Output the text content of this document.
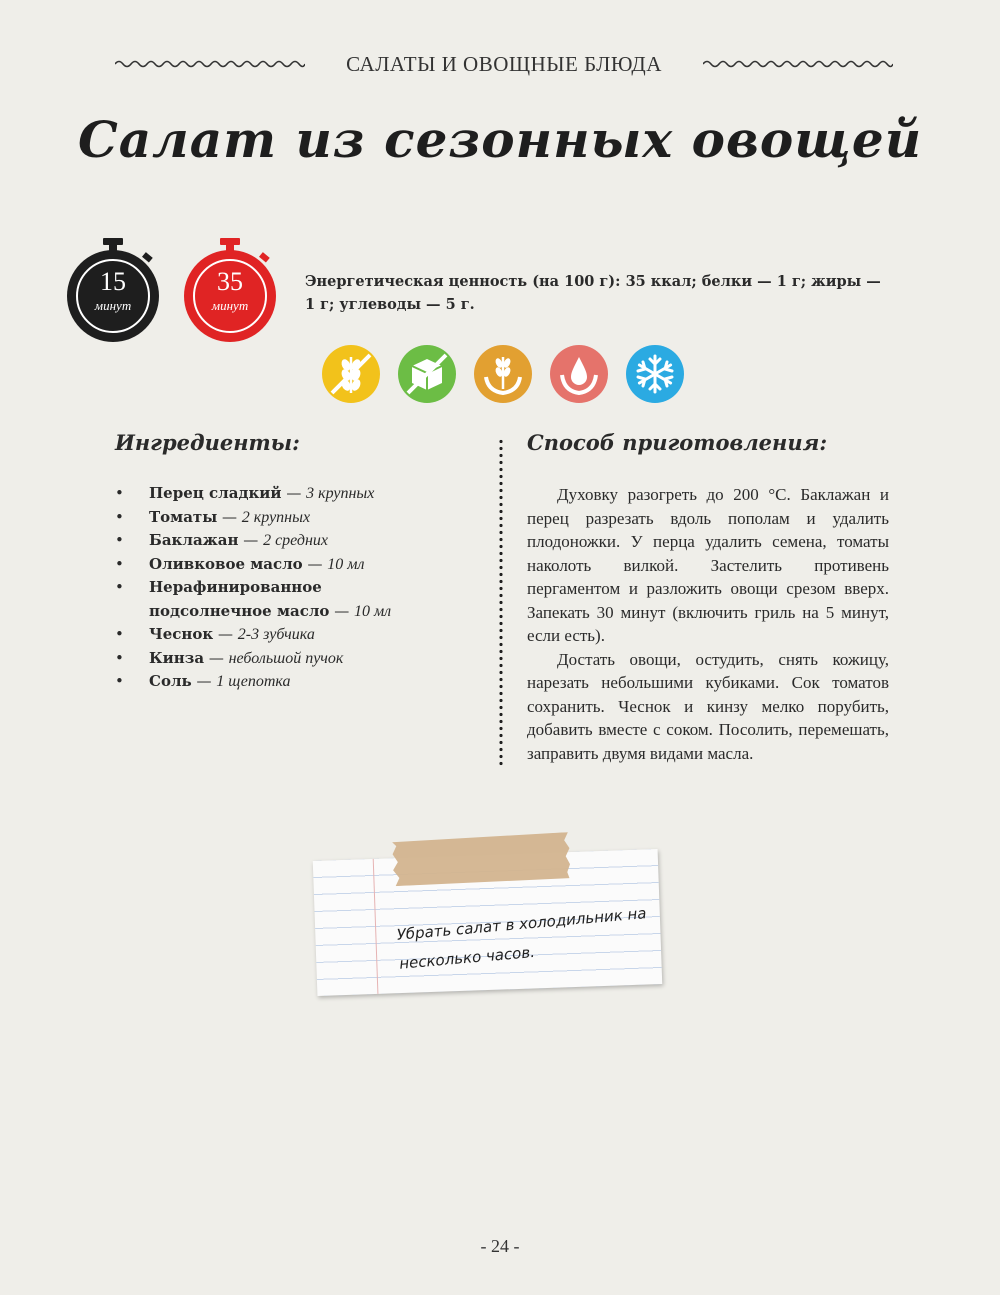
САЛАТЫ И ОВОЩНЫЕ БЛЮДА
Салат из сезонных овощей
15
минут
35
минут
Энергетическая ценность (на 100 г): 35 ккал; белки — 1 г; жиры — 1 г; углеводы — 5 г.
Ингредиенты:
• Перец сладкий — 3 крупных
• Томаты — 2 крупных
• Баклажан — 2 средних
• Оливковое масло — 10 мл
• Нерафинированное подсолнечное масло — 10 мл
• Чеснок — 2-3 зубчика
• Кинза — небольшой пучок
• Соль — 1 щепотка
Способ приготовления:

Духовку разогреть до 200 °С. Баклажан и перец разрезать вдоль пополам и удалить плодоножки. У перца удалить семена, томаты наколоть вилкой. Застелить противень пергаментом и разложить овощи срезом вверх. Запекать 30 минут (включить гриль на 5 минут, если есть).

Достать овощи, остудить, снять кожицу, нарезать небольшими кубиками. Сок томатов сохранить. Чеснок и кинзу мелко порубить, добавить вместе с соком. Посолить, перемешать, заправить двумя видами масла.

Убрать салат в холодильник на несколько часов.
- 24 -
